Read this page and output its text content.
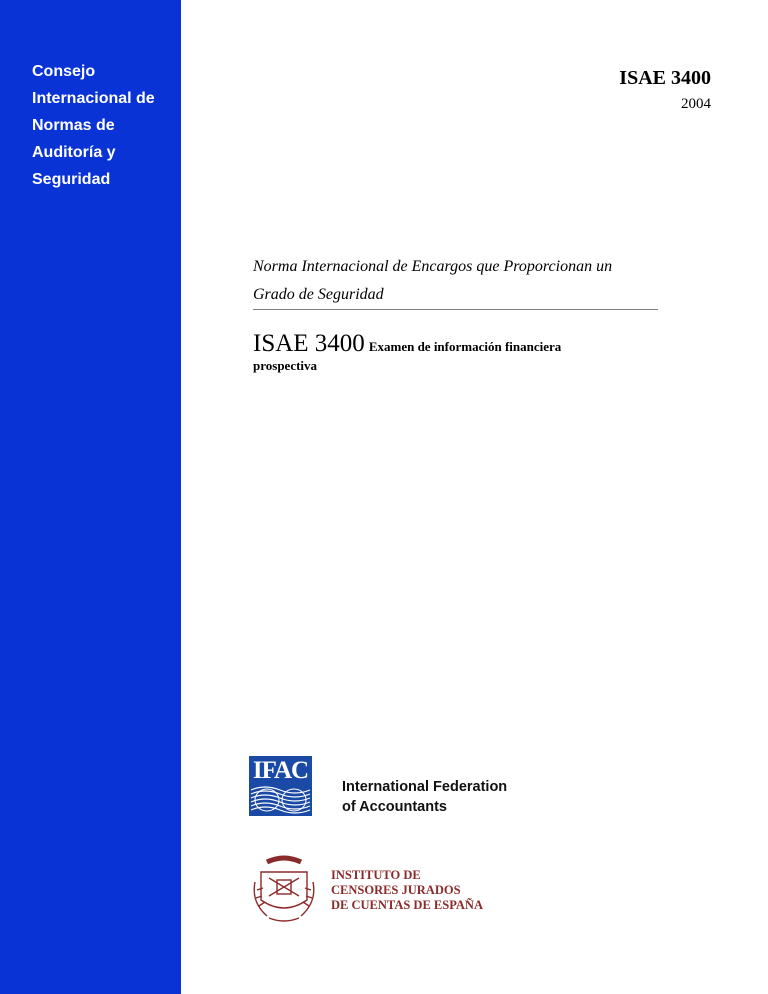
Consejo
Internacional de
Normas de
Auditoría y
Seguridad
ISAE 3400
2004
Norma Internacional de Encargos que Proporcionan un
Grado de Seguridad
ISAE 3400 Examen de información financiera
prospectiva
IFAC
International Federation
of Accountants
INSTITUTO DE
CENSORES JURADOS
DE CUENTAS DE ESPAÑA
